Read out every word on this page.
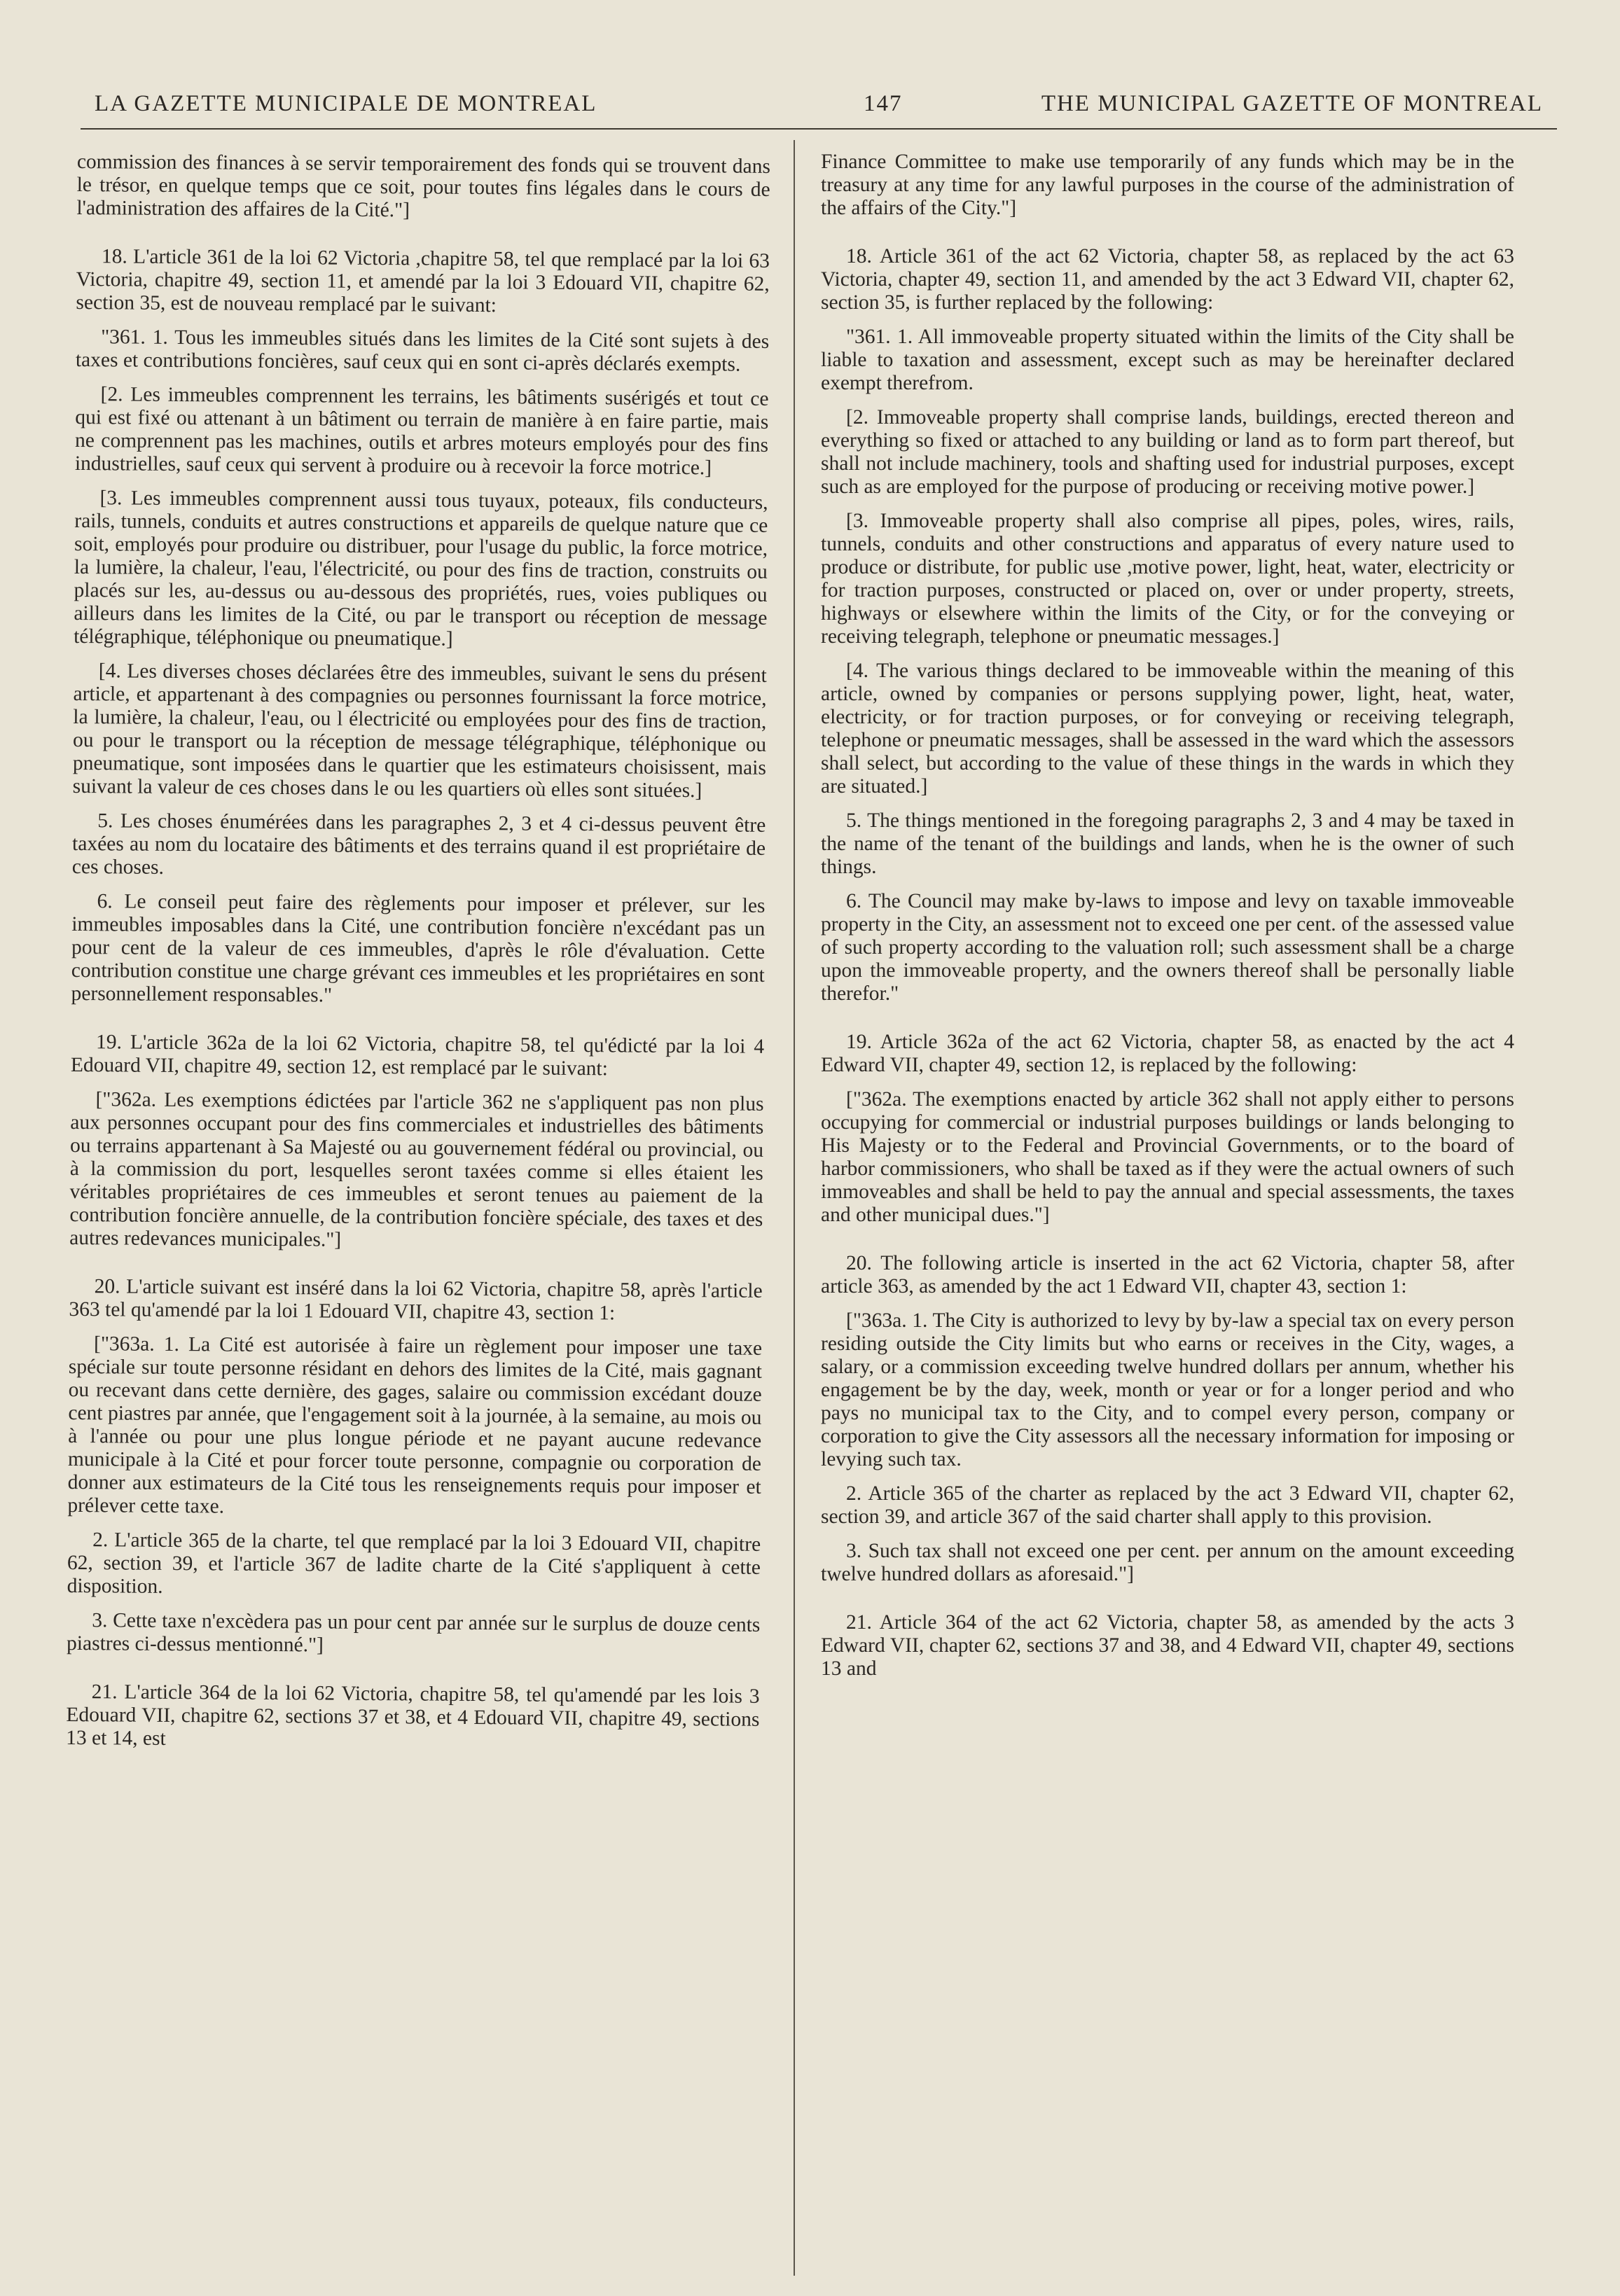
LA GAZETTE MUNICIPALE DE MONTREAL	147	THE MUNICIPAL GAZETTE OF MONTREAL

commission des finances à se servir temporairement des fonds qui se trouvent dans le trésor, en quelque temps que ce soit, pour toutes fins légales dans le cours de l'administration des affaires de la Cité."]

18. L'article 361 de la loi 62 Victoria ,chapitre 58, tel que remplacé par la loi 63 Victoria, chapitre 49, section 11, et amendé par la loi 3 Edouard VII, chapitre 62, section 35, est de nouveau remplacé par le suivant:

"361. 1. Tous les immeubles situés dans les limites de la Cité sont sujets à des taxes et contributions foncières, sauf ceux qui en sont ci-après déclarés exempts.

[2. Les immeubles comprennent les terrains, les bâtiments susérigés et tout ce qui est fixé ou attenant à un bâtiment ou terrain de manière à en faire partie, mais ne comprennent pas les machines, outils et arbres moteurs employés pour des fins industrielles, sauf ceux qui servent à produire ou à recevoir la force motrice.]

[3. Les immeubles comprennent aussi tous tuyaux, poteaux, fils conducteurs, rails, tunnels, conduits et autres constructions et appareils de quelque nature que ce soit, employés pour produire ou distribuer, pour l'usage du public, la force motrice, la lumière, la chaleur, l'eau, l'électricité, ou pour des fins de traction, construits ou placés sur les, au-dessus ou au-dessous des propriétés, rues, voies publiques ou ailleurs dans les limites de la Cité, ou par le transport ou réception de message télégraphique, téléphonique ou pneumatique.]

[4. Les diverses choses déclarées être des immeubles, suivant le sens du présent article, et appartenant à des compagnies ou personnes fournissant la force motrice, la lumière, la chaleur, l'eau, ou l électricité ou employées pour des fins de traction, ou pour le transport ou la réception de message télégraphique, téléphonique ou pneumatique, sont imposées dans le quartier que les estimateurs choisissent, mais suivant la valeur de ces choses dans le ou les quartiers où elles sont situées.]

5. Les choses énumérées dans les paragraphes 2, 3 et 4 ci-dessus peuvent être taxées au nom du locataire des bâtiments et des terrains quand il est propriétaire de ces choses.

6. Le conseil peut faire des règlements pour imposer et prélever, sur les immeubles imposables dans la Cité, une contribution foncière n'excédant pas un pour cent de la valeur de ces immeubles, d'après le rôle d'évaluation. Cette contribution constitue une charge grévant ces immeubles et les propriétaires en sont personnellement responsables."

19. L'article 362a de la loi 62 Victoria, chapitre 58, tel qu'édicté par la loi 4 Edouard VII, chapitre 49, section 12, est remplacé par le suivant:

["362a. Les exemptions édictées par l'article 362 ne s'appliquent pas non plus aux personnes occupant pour des fins commerciales et industrielles des bâtiments ou terrains appartenant à Sa Majesté ou au gouvernement fédéral ou provincial, ou à la commission du port, lesquelles seront taxées comme si elles étaient les véritables propriétaires de ces immeubles et seront tenues au paiement de la contribution foncière annuelle, de la contribution foncière spéciale, des taxes et des autres redevances municipales."]

20. L'article suivant est inséré dans la loi 62 Victoria, chapitre 58, après l'article 363 tel qu'amendé par la loi 1 Edouard VII, chapitre 43, section 1:

["363a. 1. La Cité est autorisée à faire un règlement pour imposer une taxe spéciale sur toute personne résidant en dehors des limites de la Cité, mais gagnant ou recevant dans cette dernière, des gages, salaire ou commission excédant douze cent piastres par année, que l'engagement soit à la journée, à la semaine, au mois ou à l'année ou pour une plus longue période et ne payant aucune redevance municipale à la Cité et pour forcer toute personne, compagnie ou corporation de donner aux estimateurs de la Cité tous les renseignements requis pour imposer et prélever cette taxe.

2. L'article 365 de la charte, tel que remplacé par la loi 3 Edouard VII, chapitre 62, section 39, et l'article 367 de ladite charte de la Cité s'appliquent à cette disposition.

3. Cette taxe n'excèdera pas un pour cent par année sur le surplus de douze cents piastres ci-dessus mentionné."]

21. L'article 364 de la loi 62 Victoria, chapitre 58, tel qu'amendé par les lois 3 Edouard VII, chapitre 62, sections 37 et 38, et 4 Edouard VII, chapitre 49, sections 13 et 14, est

Finance Committee to make use temporarily of any funds which may be in the treasury at any time for any lawful purposes in the course of the administration of the affairs of the City."]

18. Article 361 of the act 62 Victoria, chapter 58, as replaced by the act 63 Victoria, chapter 49, section 11, and amended by the act 3 Edward VII, chapter 62, section 35, is further replaced by the following:

"361. 1. All immoveable property situated within the limits of the City shall be liable to taxation and assessment, except such as may be hereinafter declared exempt therefrom.

[2. Immoveable property shall comprise lands, buildings, erected thereon and everything so fixed or attached to any building or land as to form part thereof, but shall not include machinery, tools and shafting used for industrial purposes, except such as are employed for the purpose of producing or receiving motive power.]

[3. Immoveable property shall also comprise all pipes, poles, wires, rails, tunnels, conduits and other constructions and apparatus of every nature used to produce or distribute, for public use ,motive power, light, heat, water, electricity or for traction purposes, constructed or placed on, over or under property, streets, highways or elsewhere within the limits of the City, or for the conveying or receiving telegraph, telephone or pneumatic messages.]

[4. The various things declared to be immoveable within the meaning of this article, owned by companies or persons supplying power, light, heat, water, electricity, or for traction purposes, or for conveying or receiving telegraph, telephone or pneumatic messages, shall be assessed in the ward which the assessors shall select, but according to the value of these things in the wards in which they are situated.]

5. The things mentioned in the foregoing paragraphs 2, 3 and 4 may be taxed in the name of the tenant of the buildings and lands, when he is the owner of such things.

6. The Council may make by-laws to impose and levy on taxable immoveable property in the City, an assessment not to exceed one per cent. of the assessed value of such property according to the valuation roll; such assessment shall be a charge upon the immoveable property, and the owners thereof shall be personally liable therefor."

19. Article 362a of the act 62 Victoria, chapter 58, as enacted by the act 4 Edward VII, chapter 49, section 12, is replaced by the following:

["362a. The exemptions enacted by article 362 shall not apply either to persons occupying for commercial or industrial purposes buildings or lands belonging to His Majesty or to the Federal and Provincial Governments, or to the board of harbor commissioners, who shall be taxed as if they were the actual owners of such immoveables and shall be held to pay the annual and special assessments, the taxes and other municipal dues."]

20. The following article is inserted in the act 62 Victoria, chapter 58, after article 363, as amended by the act 1 Edward VII, chapter 43, section 1:

["363a. 1. The City is authorized to levy by by-law a special tax on every person residing outside the City limits but who earns or receives in the City, wages, a salary, or a commission exceeding twelve hundred dollars per annum, whether his engagement be by the day, week, month or year or for a longer period and who pays no municipal tax to the City, and to compel every person, company or corporation to give the City assessors all the necessary information for imposing or levying such tax.

2. Article 365 of the charter as replaced by the act 3 Edward VII, chapter 62, section 39, and article 367 of the said charter shall apply to this provision.

3. Such tax shall not exceed one per cent. per annum on the amount exceeding twelve hundred dollars as aforesaid."]

21. Article 364 of the act 62 Victoria, chapter 58, as amended by the acts 3 Edward VII, chapter 62, sections 37 and 38, and 4 Edward VII, chapter 49, sections 13 and
